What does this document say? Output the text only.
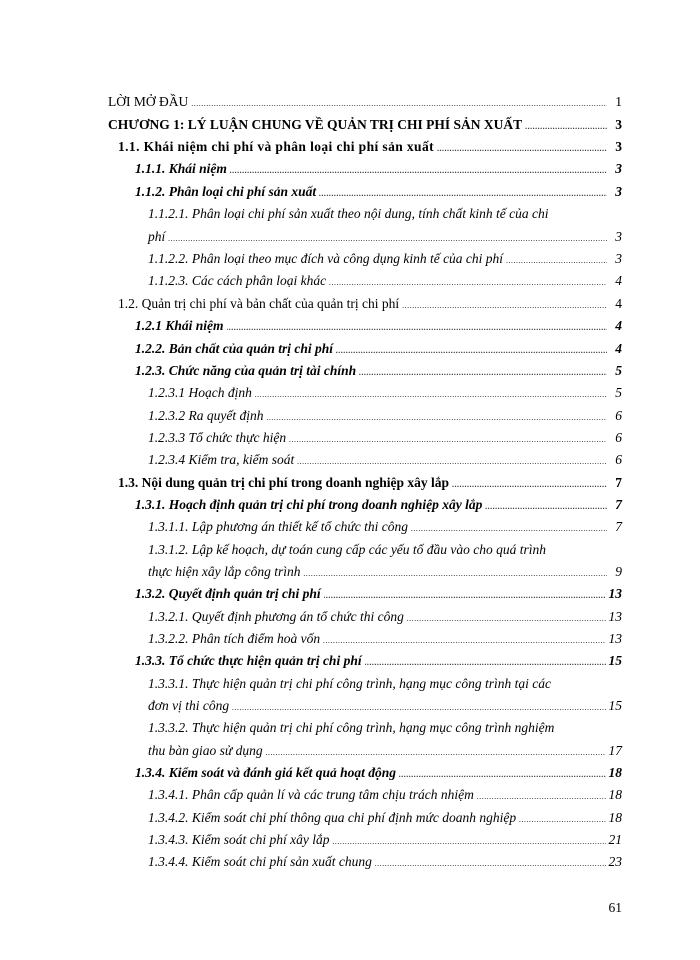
LỜI MỞ ĐẦU .....	1
CHƯƠNG 1: LÝ LUẬN CHUNG VỀ QUẢN TRỊ CHI PHÍ SẢN XUẤT .....	3
1.1. Khái niệm chi phí và phân loại chi phí sản xuất .....	3
1.1.1. Khái niệm .....	3
1.1.2. Phân loại chi phí sản xuất .....	3
1.1.2.1. Phân loại chi phí sản xuất theo nội dung, tính chất kinh tế của chi
phí .....	3
1.1.2.2. Phân loại theo mục đích và công dụng kinh tế của chi phí .....	3
1.1.2.3. Các cách phân loại khác .....	4
1.2. Quản trị chi phí và bản chất của quản trị chi phí .....	4
1.2.1 Khái niệm .....	4
1.2.2. Bản chất của quản trị chi phí .....	4
1.2.3. Chức năng của quản trị tài chính .....	5
1.2.3.1 Hoạch định .....	5
1.2.3.2 Ra quyết định .....	6
1.2.3.3 Tổ chức thực hiện .....	6
1.2.3.4 Kiểm tra, kiểm soát .....	6
1.3. Nội dung quản trị chi phí trong doanh nghiệp xây lắp .....	7
1.3.1. Hoạch định quản trị chi phí trong doanh nghiệp xây lắp .....	7
1.3.1.1. Lập phương án thiết kế tổ chức thi công .....	7
1.3.1.2. Lập kế hoạch, dự toán cung cấp các yếu tố đầu vào cho quá trình
thực hiện xây lắp công trình .....	9
1.3.2. Quyết định quản trị chi phí .....	13
1.3.2.1. Quyết định phương án tổ chức thi công .....	13
1.3.2.2. Phân tích điểm hoà vốn .....	13
1.3.3. Tổ chức thực hiện quản trị chi phí .....	15
1.3.3.1. Thực hiện quản trị chi phí công trình, hạng mục công trình tại các
đơn vị thi công .....	15
1.3.3.2. Thực hiện quản trị chi phí công trình, hạng mục công trình nghiệm
thu bàn giao sử dụng .....	17
1.3.4. Kiểm soát và đánh giá kết quả hoạt động .....	18
1.3.4.1. Phân cấp quản lí và các trung tâm chịu trách nhiệm .....	18
1.3.4.2. Kiểm soát chi phí thông qua chi phí định mức doanh nghiệp .....	18
1.3.4.3. Kiểm soát chi phí xây lắp .....	21
1.3.4.4. Kiểm soát chi phí sản xuất chung .....	23
61
